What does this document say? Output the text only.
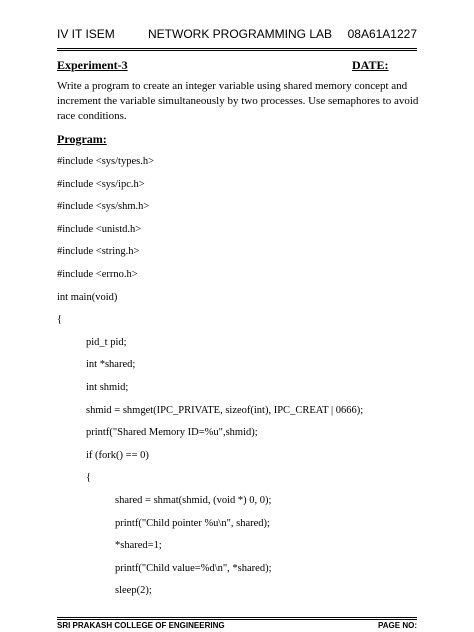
IV IT ISEM	NETWORK PROGRAMMING LAB 08A61A1227
Experiment-3	DATE:

Write a program to create an integer variable using shared memory concept and increment the variable simultaneously by two processes. Use semaphores to avoid race conditions.

Program:
#include <sys/types.h>
#include <sys/ipc.h>
#include <sys/shm.h>
#include <unistd.h>
#include <string.h>
#include <errno.h>
int main(void)
{
pid_t pid;
int *shared;
int shmid;
shmid = shmget(IPC_PRIVATE, sizeof(int), IPC_CREAT | 0666);
printf("Shared Memory ID=%u",shmid);
if (fork() == 0)
{
shared = shmat(shmid, (void *) 0, 0);
printf("Child pointer %u\n", shared);
*shared=1;
printf("Child value=%d\n", *shared);
sleep(2);
SRI PRAKASH COLLEGE OF ENGINEERING	PAGE NO:
